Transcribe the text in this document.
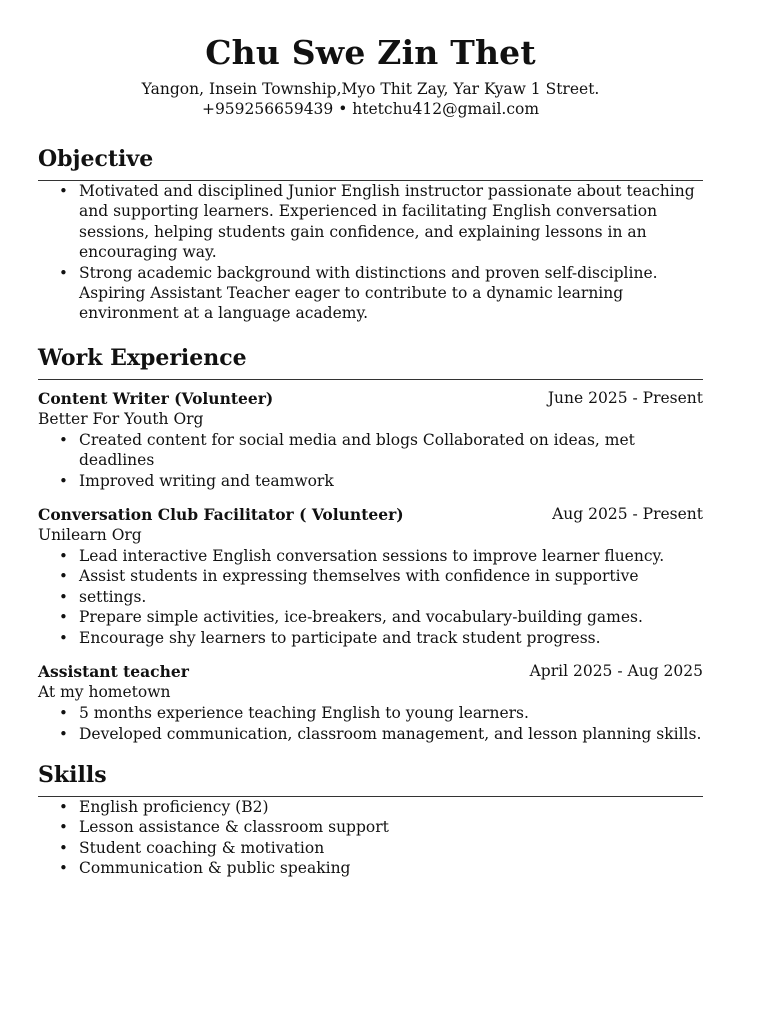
Chu Swe Zin Thet
Yangon, Insein Township,Myo Thit Zay, Yar Kyaw 1 Street.
+959256659439 • htetchu412@gmail.com
Objective
• Motivated and disciplined Junior English instructor passionate about teaching and supporting learners. Experienced in facilitating English conversation sessions, helping students gain confidence, and explaining lessons in an encouraging way.
• Strong academic background with distinctions and proven self-discipline. Aspiring Assistant Teacher eager to contribute to a dynamic learning environment at a language academy.
Work Experience
Content Writer (Volunteer)	June 2025 - Present
Better For Youth Org
• Created content for social media and blogs Collaborated on ideas, met deadlines
• Improved writing and teamwork
Conversation Club Facilitator ( Volunteer)	Aug 2025 - Present
Unilearn Org
• Lead interactive English conversation sessions to improve learner fluency.
• Assist students in expressing themselves with confidence in supportive
• settings.
• Prepare simple activities, ice-breakers, and vocabulary-building games.
• Encourage shy learners to participate and track student progress.
Assistant teacher	April 2025 - Aug 2025
At my hometown
• 5 months experience teaching English to young learners.
• Developed communication, classroom management, and lesson planning skills.
Skills
• English proficiency (B2)
• Lesson assistance & classroom support
• Student coaching & motivation
• Communication & public speaking
